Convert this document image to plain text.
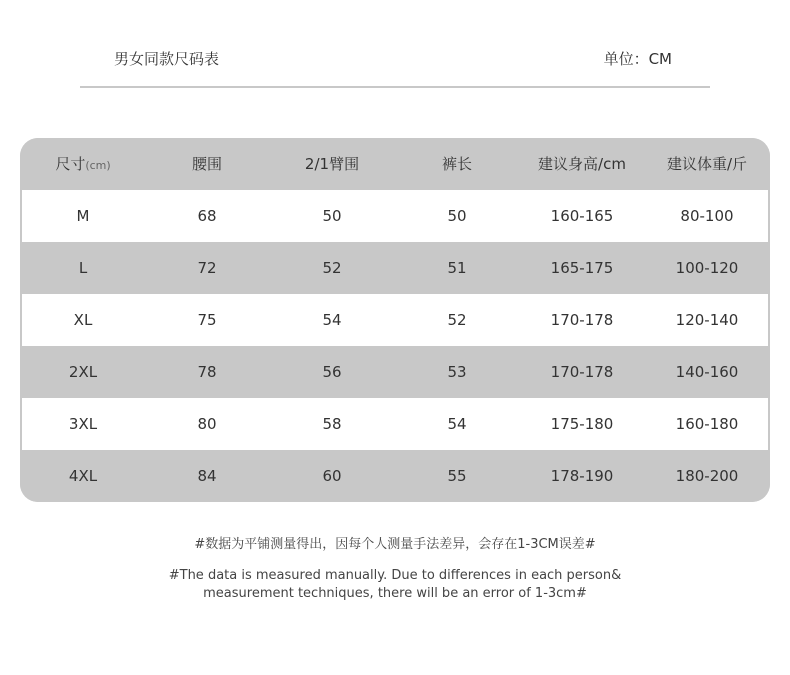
男女同款尺码表	单位：CM
尺寸(cm)	腰围	2/1臂围	裤长	建议身高/cm	建议体重/斤
M	68	50	50	160-165	80-100
L	72	52	51	165-175	100-120
XL	75	54	52	170-178	120-140
2XL	78	56	53	170-178	140-160
3XL	80	58	54	175-180	160-180
4XL	84	60	55	178-190	180-200
#数据为平铺测量得出，因每个人测量手法差异，会存在1-3CM误差#
#The data is measured manually. Due to differences in each person&
measurement techniques, there will be an error of 1-3cm#
